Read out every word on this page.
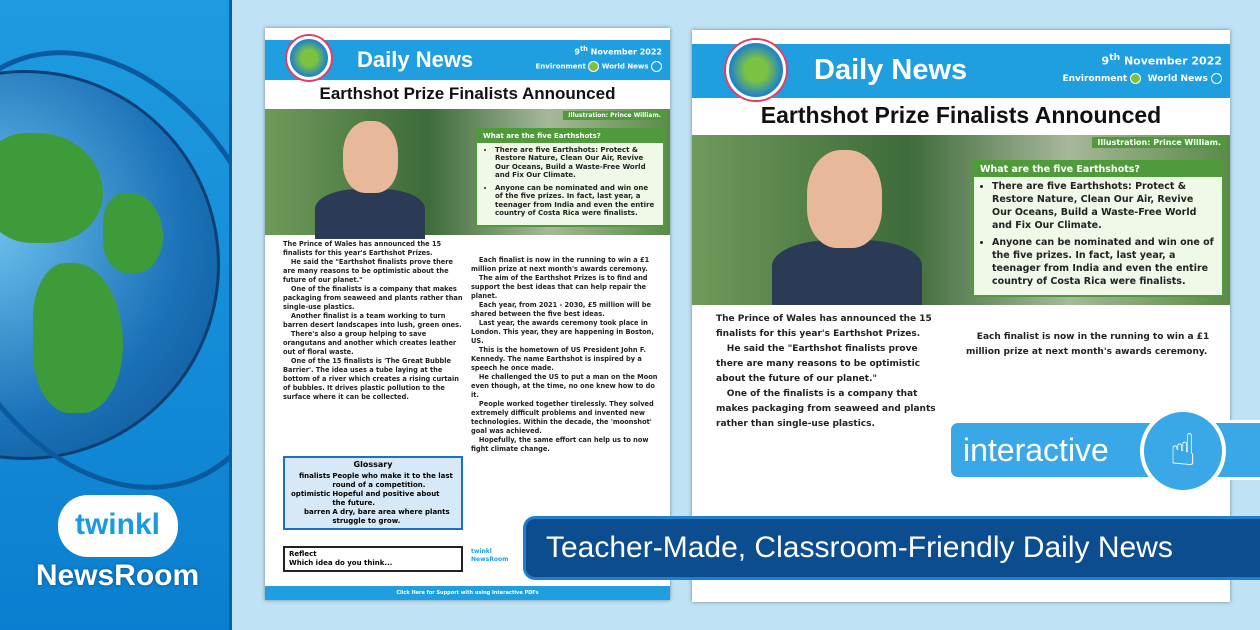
twinkl
NewsRoom
Daily News	9th November 2022
Environment World News
Earthshot Prize Finalists Announced
Illustration: Prince William.
What are the five Earthshots?
• There are five Earthshots: Protect & Restore Nature, Clean Our Air, Revive Our Oceans, Build a Waste-Free World and Fix Our Climate.
• Anyone can be nominated and win one of the five prizes. In fact, last year, a teenager from India and even the entire country of Costa Rica were finalists.

The Prince of Wales has announced the 15 finalists for this year's Earthshot Prizes.

He said the "Earthshot finalists prove there are many reasons to be optimistic about the future of our planet."

One of the finalists is a company that makes packaging from seaweed and plants rather than single-use plastics.

Another finalist is a team working to turn barren desert landscapes into lush, green ones.

There's also a group helping to save orangutans and another which creates leather out of floral waste.

One of the 15 finalists is 'The Great Bubble Barrier'. The idea uses a tube laying at the bottom of a river which creates a rising curtain of bubbles. It drives plastic pollution to the surface where it can be collected.

Each finalist is now in the running to win a £1 million prize at next month's awards ceremony.

The aim of the Earthshot Prizes is to find and support the best ideas that can help repair the planet.

Each year, from 2021 - 2030, £5 million will be shared between the five best ideas.

Last year, the awards ceremony took place in London. This year, they are happening in Boston, US.

This is the hometown of US President John F. Kennedy. The name Earthshot is inspired by a speech he once made.

He challenged the US to put a man on the Moon even though, at the time, no one knew how to do it.

People worked together tirelessly. They solved extremely difficult problems and invented new technologies. Within the decade, the 'moonshot' goal was achieved.

Hopefully, the same effort can help us to now fight climate change.

Glossary
finalists	People who make it to the last round of a competition.
optimistic	Hopeful and positive about the future.
barren	A dry, bare area where plants struggle to grow.
Reflect
Which idea do you think...
twinkl
NewsRoom
Click Here for Support with using Interactive PDFs
Daily News	9th November 2022
Environment World News
Earthshot Prize Finalists Announced
Illustration: Prince William.
What are the five Earthshots?
• There are five Earthshots: Protect & Restore Nature, Clean Our Air, Revive Our Oceans, Build a Waste-Free World and Fix Our Climate.
• Anyone can be nominated and win one of the five prizes. In fact, last year, a teenager from India and even the entire country of Costa Rica were finalists.

The Prince of Wales has announced the 15 finalists for this year's Earthshot Prizes.

He said the "Earthshot finalists prove there are many reasons to be optimistic about the future of our planet."

One of the finalists is a company that makes packaging from seaweed and plants rather than single-use plastics.

Each finalist is now in the running to win a £1 million prize at next month's awards ceremony.

interactive	☝
Teacher-Made, Classroom-Friendly Daily News
